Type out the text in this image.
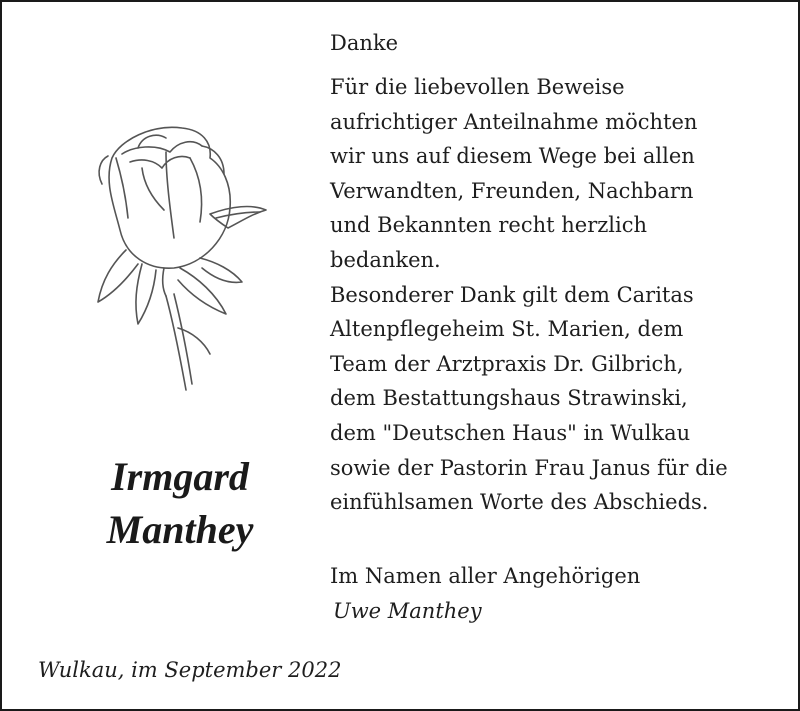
Irmgard
Manthey
Danke

Für die liebevollen Beweise

aufrichtiger Anteilnahme möchten

wir uns auf diesem Wege bei allen

Verwandten, Freunden, Nachbarn

und Bekannten recht herzlich

bedanken.

Besonderer Dank gilt dem Caritas

Altenpflegeheim St. Marien, dem

Team der Arztpraxis Dr. Gilbrich,

dem Bestattungshaus Strawinski,

dem "Deutschen Haus" in Wulkau

sowie der Pastorin Frau Janus für die

einfühlsamen Worte des Abschieds.

Im Namen aller Angehörigen
Uwe Manthey
Wulkau, im September 2022
